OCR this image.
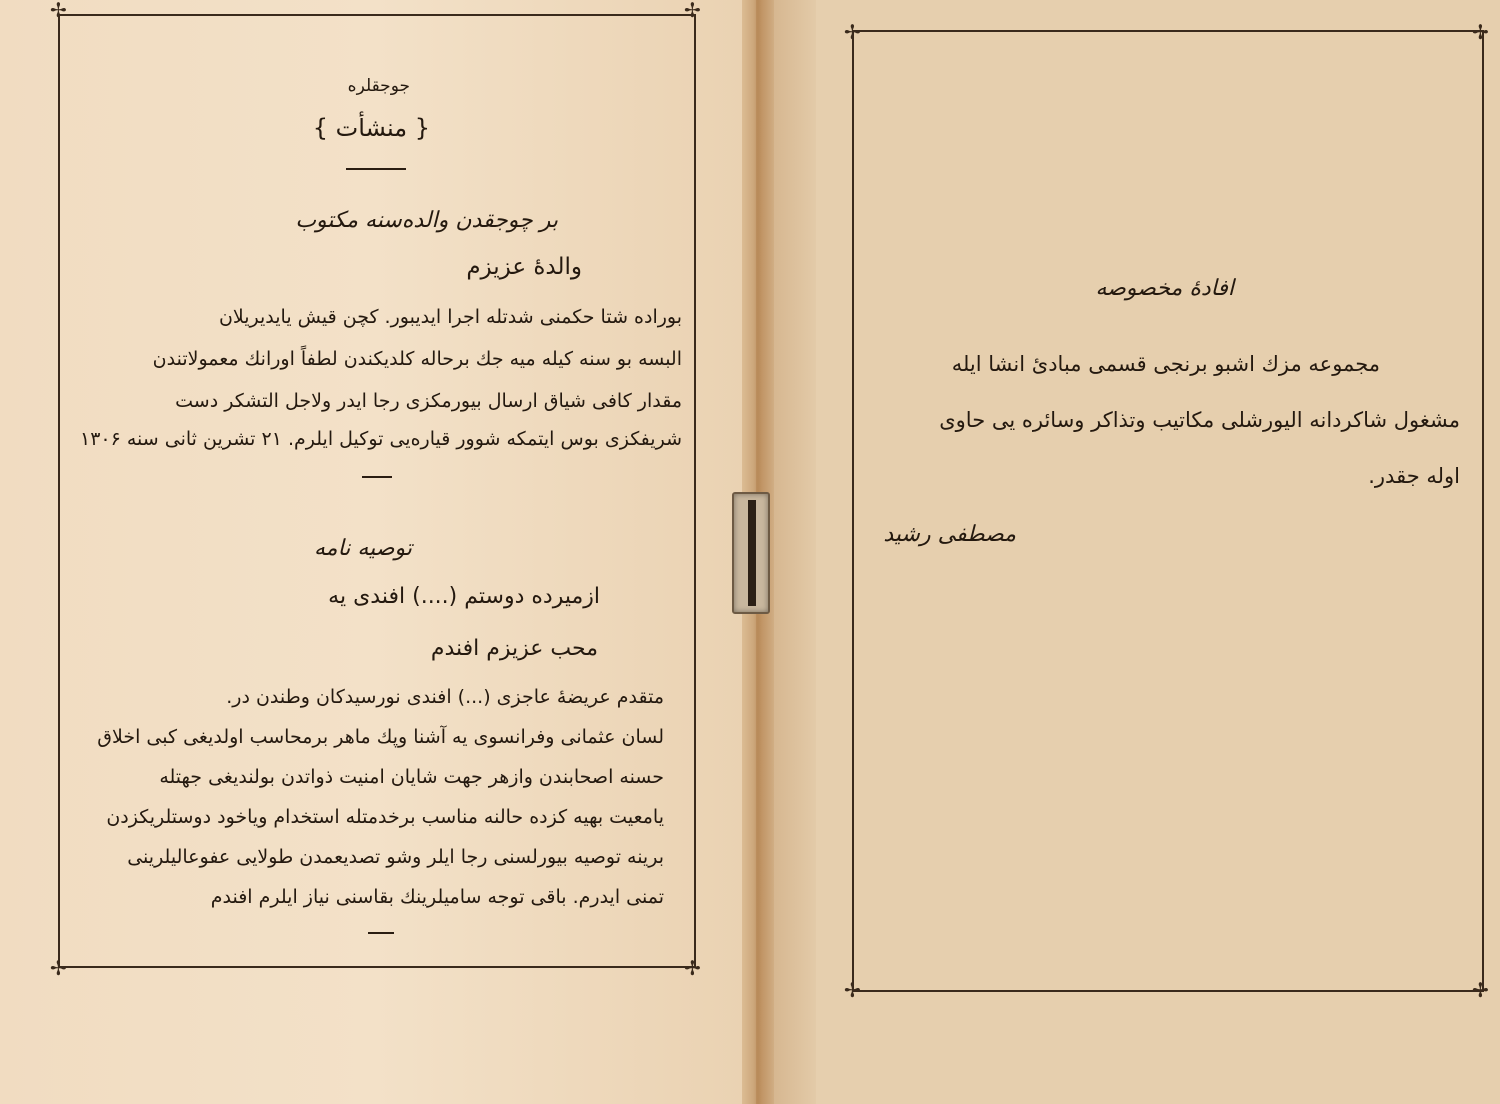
✢	✢
✢	✢
جوجقلره
{ منشأت }
بر چوجقدن والدەسنه مكتوب
والدۀ عزيزم
بوراده شتا حكمنى شدتله اجرا ايديبور. كچن قيش يايديريلان
البسه بو سنه كيله ميه جك برحاله كلديكندن لطفاً اورانك معمولاتندن
مقدار كافى شياق ارسال بيورمكزى رجا ايدر ولاجل التشكر دست
شريفكزى بوس ايتمكه شوور قيارەيى توكيل ايلرم. ۲۱ تشرين ثانى سنه ۱۳۰۶
توصيه نامه
ازميرده دوستم (....) افندى يه
محب عزيزم افندم
متقدم عريضۀ عاجزى (...) افندى نورسيدكان وطندن در.
لسان عثمانى وفرانسوى يه آشنا وپك ماهر برمحاسب اولديغى كبى اخلاق
حسنه اصحابندن وازهر جهت شايان امنيت ذواتدن بولنديغى جهتله
يامعيت بهيه كزده حالنه مناسب برخدمتله استخدام وياخود دوستلريكزدن
برينه توصيه بيورلسنى رجا ايلر وشو تصديعمدن طولايى عفوعاليلرينى
تمنى ايدرم. باقى توجه ساميلرينك بقاسنى نياز ايلرم افندم
✢	✢
✢	✢
افادۀ مخصوصه
مجموعه مزك اشبو برنجى قسمى مبادئ انشا ايله
مشغول شاكردانه اليورشلى مكاتيب وتذاكر وسائره يى حاوى
اوله جقدر.
مصطفى رشيد
